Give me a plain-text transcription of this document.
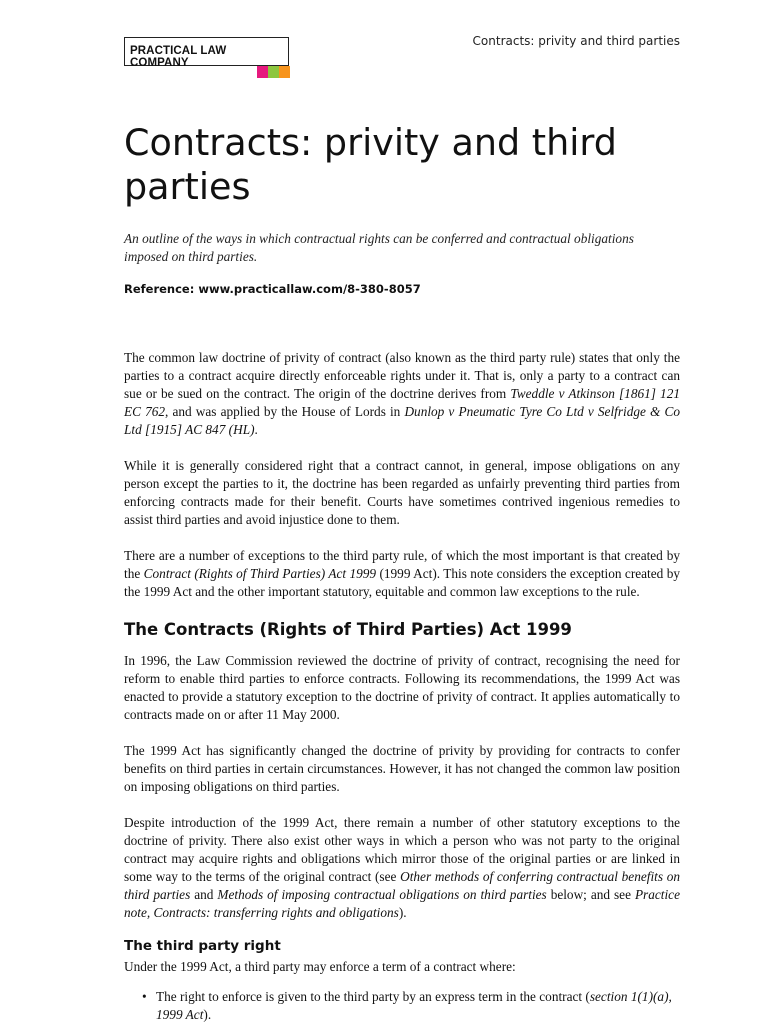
PRACTICAL LAW COMPANY
Contracts: privity and third parties
Contracts: privity and third parties

An outline of the ways in which contractual rights can be conferred and contractual obligations imposed on third parties.

Reference: www.practicallaw.com/8-380-8057

The common law doctrine of privity of contract (also known as the third party rule) states that only the parties to a contract acquire directly enforceable rights under it. That is, only a party to a contract can sue or be sued on the contract. The origin of the doctrine derives from Tweddle v Atkinson [1861] 121 EC 762, and was applied by the House of Lords in Dunlop v Pneumatic Tyre Co Ltd v Selfridge & Co Ltd [1915] AC 847 (HL).

While it is generally considered right that a contract cannot, in general, impose obligations on any person except the parties to it, the doctrine has been regarded as unfairly preventing third parties from enforcing contracts made for their benefit. Courts have sometimes contrived ingenious remedies to assist third parties and avoid injustice done to them.

There are a number of exceptions to the third party rule, of which the most important is that created by the Contract (Rights of Third Parties) Act 1999 (1999 Act). This note considers the exception created by the 1999 Act and the other important statutory, equitable and common law exceptions to the rule.

The Contracts (Rights of Third Parties) Act 1999

In 1996, the Law Commission reviewed the doctrine of privity of contract, recognising the need for reform to enable third parties to enforce contracts. Following its recommendations, the 1999 Act was enacted to provide a statutory exception to the doctrine of privity of contract. It applies automatically to contracts made on or after 11 May 2000.

The 1999 Act has significantly changed the doctrine of privity by providing for contracts to confer benefits on third parties in certain circumstances. However, it has not changed the common law position on imposing obligations on third parties.

Despite introduction of the 1999 Act, there remain a number of other statutory exceptions to the doctrine of privity. There also exist other ways in which a person who was not party to the original contract may acquire rights and obligations which mirror those of the original parties or are linked in some way to the terms of the original contract (see Other methods of conferring contractual benefits on third parties and Methods of imposing contractual obligations on third parties below; and see Practice note, Contracts: transferring rights and obligations).

The third party right

Under the 1999 Act, a third party may enforce a term of a contract where:

• The right to enforce is given to the third party by an express term in the contract (section 1(1)(a), 1999 Act).
